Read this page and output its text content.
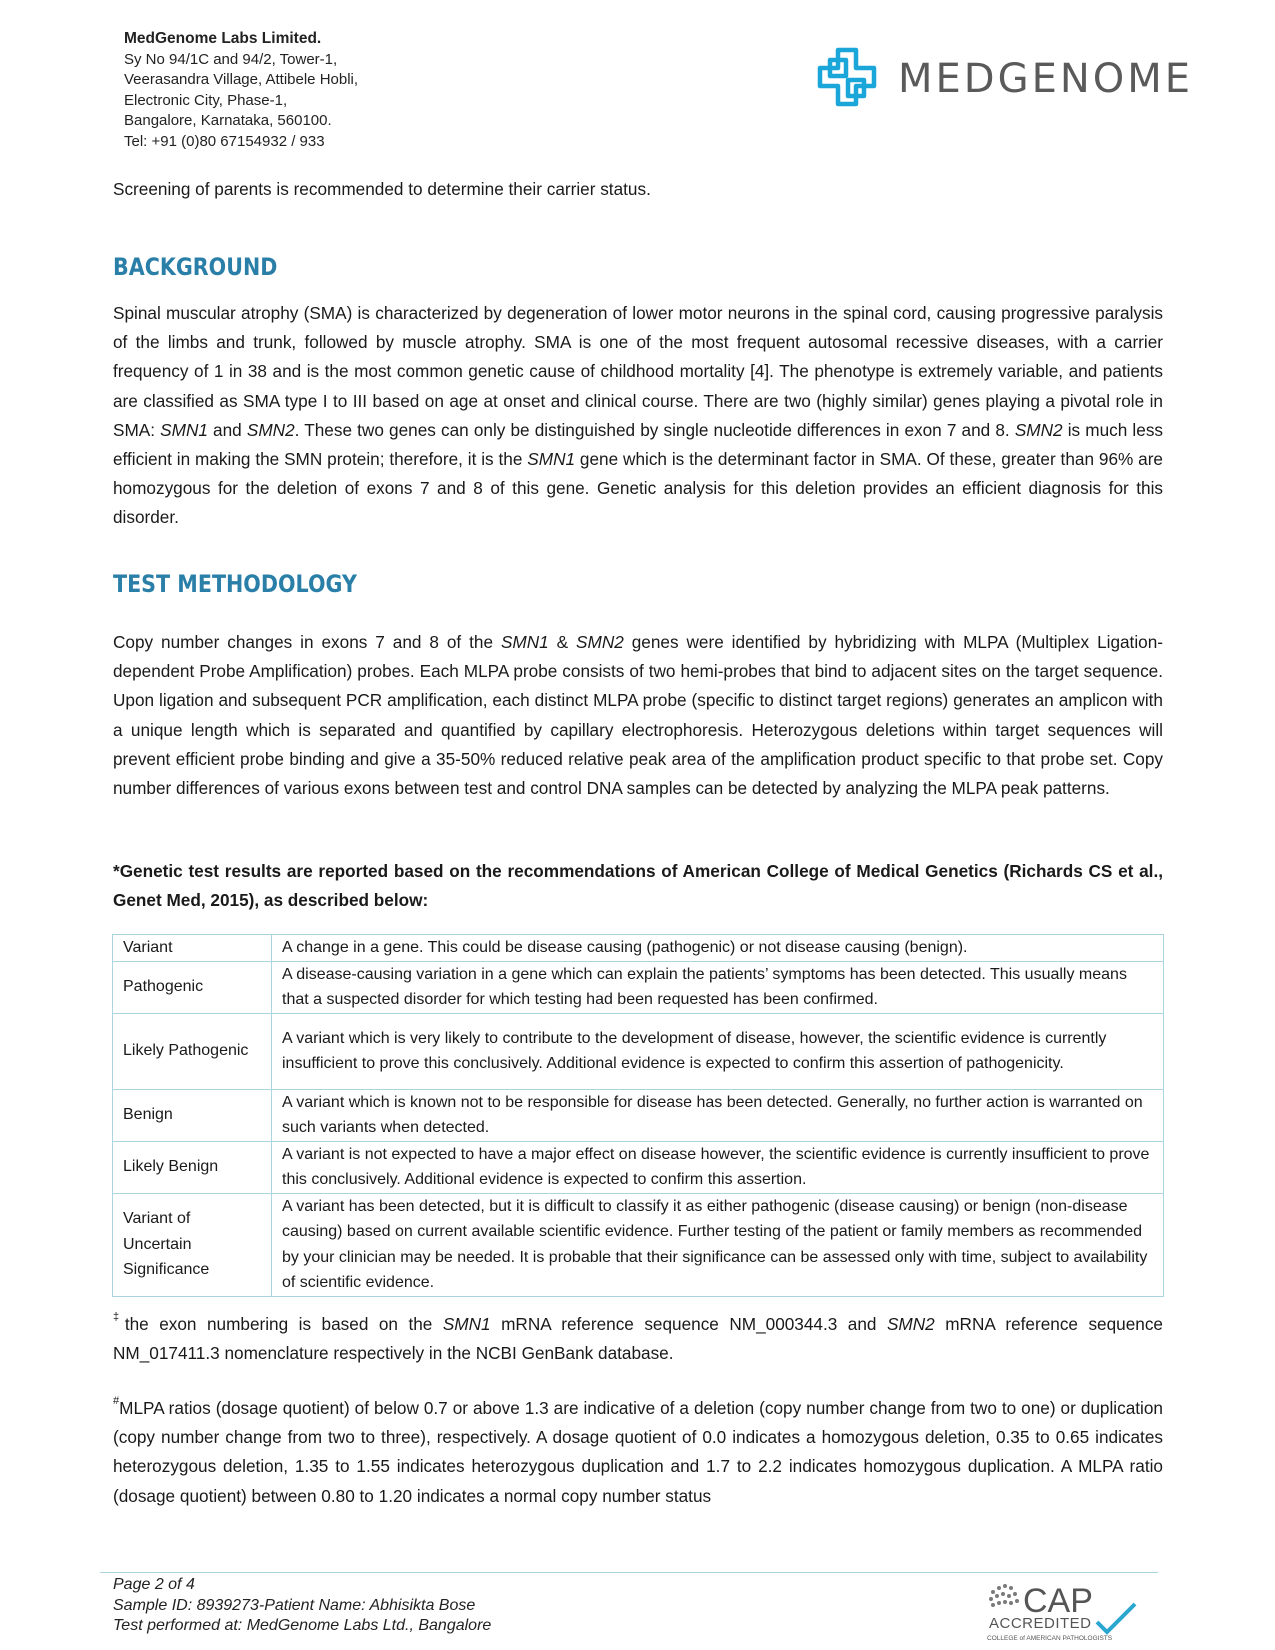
MedGenome Labs Limited.
Sy No 94/1C and 94/2, Tower-1,
Veerasandra Village, Attibele Hobli,
Electronic City, Phase-1,
Bangalore, Karnataka, 560100.
Tel: +91 (0)80 67154932 / 933
MEDGENOME
Screening of parents is recommended to determine their carrier status.
BACKGROUND
Spinal muscular atrophy (SMA) is characterized by degeneration of lower motor neurons in the spinal cord, causing progressive paralysis of the limbs and trunk, followed by muscle atrophy. SMA is one of the most frequent autosomal recessive diseases, with a carrier frequency of 1 in 38 and is the most common genetic cause of childhood mortality [4]. The phenotype is extremely variable, and patients are classified as SMA type I to III based on age at onset and clinical course. There are two (highly similar) genes playing a pivotal role in SMA: SMN1 and SMN2. These two genes can only be distinguished by single nucleotide differences in exon 7 and 8. SMN2 is much less efficient in making the SMN protein; therefore, it is the SMN1 gene which is the determinant factor in SMA. Of these, greater than 96% are homozygous for the deletion of exons 7 and 8 of this gene. Genetic analysis for this deletion provides an efficient diagnosis for this disorder.
TEST METHODOLOGY
Copy number changes in exons 7 and 8 of the SMN1 & SMN2 genes were identified by hybridizing with MLPA (Multiplex Ligation-dependent Probe Amplification) probes. Each MLPA probe consists of two hemi-probes that bind to adjacent sites on the target sequence. Upon ligation and subsequent PCR amplification, each distinct MLPA probe (specific to distinct target regions) generates an amplicon with a unique length which is separated and quantified by capillary electrophoresis. Heterozygous deletions within target sequences will prevent efficient probe binding and give a 35-50% reduced relative peak area of the amplification product specific to that probe set. Copy number differences of various exons between test and control DNA samples can be detected by analyzing the MLPA peak patterns.
*Genetic test results are reported based on the recommendations of American College of Medical Genetics (Richards CS et al., Genet Med, 2015), as described below:
Variant	A change in a gene. This could be disease causing (pathogenic) or not disease causing (benign).
Pathogenic	A disease-causing variation in a gene which can explain the patients’ symptoms has been detected. This usually means that a suspected disorder for which testing had been requested has been confirmed.
Likely Pathogenic	A variant which is very likely to contribute to the development of disease, however, the scientific evidence is currently insufficient to prove this conclusively. Additional evidence is expected to confirm this assertion of pathogenicity.
Benign	A variant which is known not to be responsible for disease has been detected. Generally, no further action is warranted on such variants when detected.
Likely Benign	A variant is not expected to have a major effect on disease however, the scientific evidence is currently insufficient to prove this conclusively. Additional evidence is expected to confirm this assertion.
Variant of Uncertain Significance	A variant has been detected, but it is difficult to classify it as either pathogenic (disease causing) or benign (non-disease causing) based on current available scientific evidence. Further testing of the patient or family members as recommended by your clinician may be needed. It is probable that their significance can be assessed only with time, subject to availability of scientific evidence.
‡the exon numbering is based on the SMN1 mRNA reference sequence NM_000344.3 and SMN2 mRNA reference sequence NM_017411.3 nomenclature respectively in the NCBI GenBank database.
#MLPA ratios (dosage quotient) of below 0.7 or above 1.3 are indicative of a deletion (copy number change from two to one) or duplication (copy number change from two to three), respectively. A dosage quotient of 0.0 indicates a homozygous deletion, 0.35 to 0.65 indicates heterozygous deletion, 1.35 to 1.55 indicates heterozygous duplication and 1.7 to 2.2 indicates homozygous duplication. A MLPA ratio (dosage quotient) between 0.80 to 1.20 indicates a normal copy number status
Page 2 of 4
Sample ID: 8939273-Patient Name: Abhisikta Bose
Test performed at: MedGenome Labs Ltd., Bangalore
CAP
ACCREDITED
COLLEGE of AMERICAN PATHOLOGISTS
